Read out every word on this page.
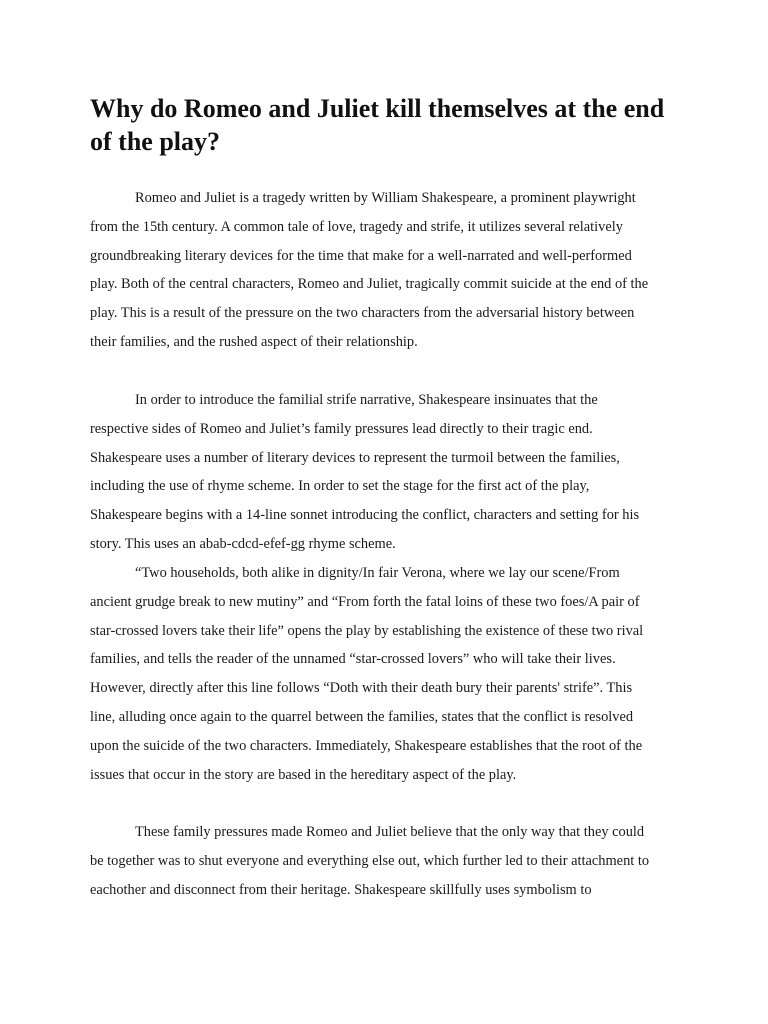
Why do Romeo and Juliet kill themselves at the end of the play?

Romeo and Juliet is a tragedy written by William Shakespeare, a prominent playwright
from the 15th century. A common tale of love, tragedy and strife, it utilizes several relatively
groundbreaking literary devices for the time that make for a well-narrated and well-performed
play. Both of the central characters, Romeo and Juliet, tragically commit suicide at the end of the
play. This is a result of the pressure on the two characters from the adversarial history between
their families, and the rushed aspect of their relationship.

In order to introduce the familial strife narrative, Shakespeare insinuates that the
respective sides of Romeo and Juliet’s family pressures lead directly to their tragic end.
Shakespeare uses a number of literary devices to represent the turmoil between the families,
including the use of rhyme scheme. In order to set the stage for the first act of the play,
Shakespeare begins with a 14-line sonnet introducing the conflict, characters and setting for his
story. This uses an abab-cdcd-efef-gg rhyme scheme.

“Two households, both alike in dignity/In fair Verona, where we lay our scene/From
ancient grudge break to new mutiny” and “From forth the fatal loins of these two foes/A pair of
star-crossed lovers take their life” opens the play by establishing the existence of these two rival
families, and tells the reader of the unnamed “star-crossed lovers” who will take their lives.
However, directly after this line follows “Doth with their death bury their parents' strife”. This
line, alluding once again to the quarrel between the families, states that the conflict is resolved
upon the suicide of the two characters. Immediately, Shakespeare establishes that the root of the
issues that occur in the story are based in the hereditary aspect of the play.

These family pressures made Romeo and Juliet believe that the only way that they could
be together was to shut everyone and everything else out, which further led to their attachment to
eachother and disconnect from their heritage. Shakespeare skillfully uses symbolism to
